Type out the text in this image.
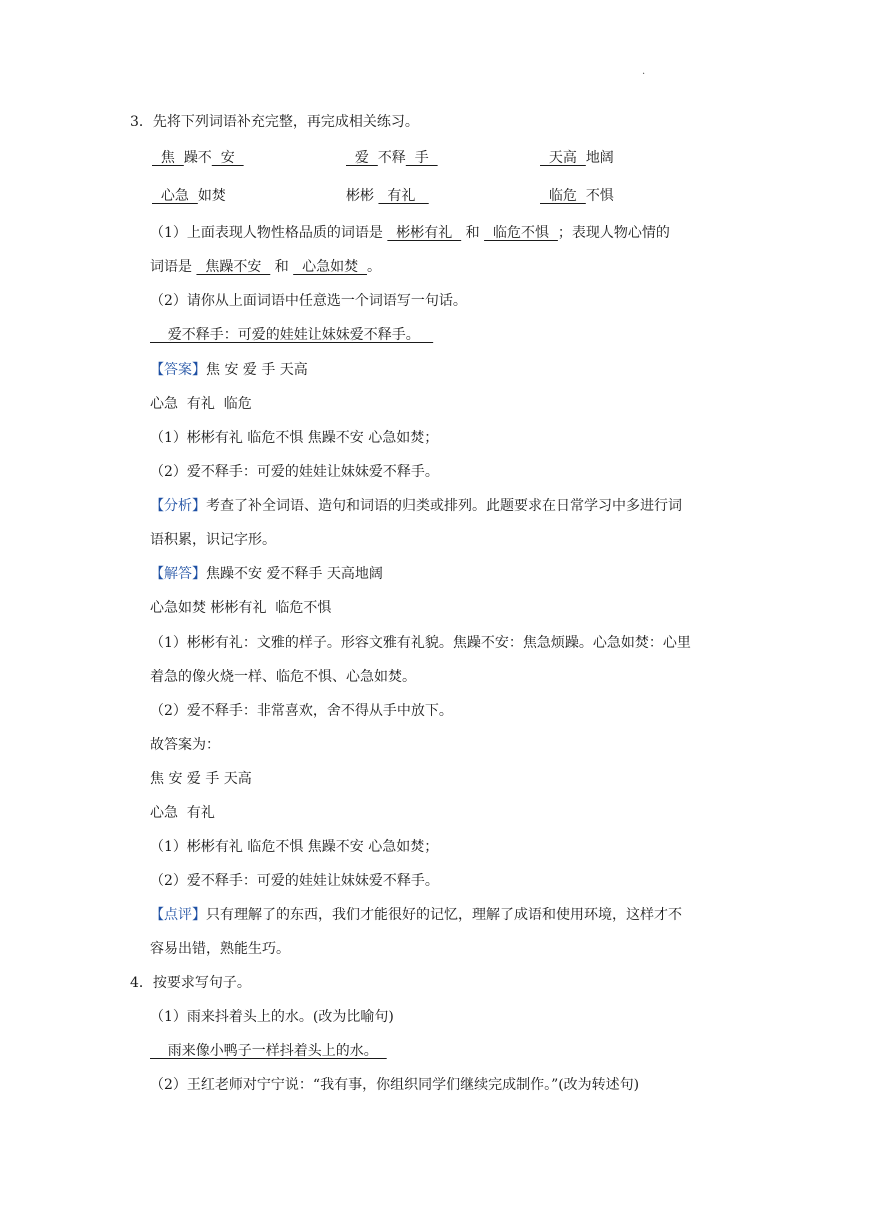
.
3．先将下列词语补充完整，再完成相关练习。
焦  躁不  安	爱  不释  手	天高  地阔
心急  如焚	彬彬   有礼	临危  不惧
（1）上面表现人物性格品质的词语是   彬彬有礼   和   临危不惧  ；表现人物心情的
词语是   焦躁不安   和   心急如焚  。
（2）请你从上面词语中任意选一个词语写一句话。
爱不释手：可爱的娃娃让妹妹爱不释手。
【答案】焦 安 爱 手 天高
心急  有礼  临危
（1）彬彬有礼 临危不惧 焦躁不安 心急如焚；
（2）爱不释手：可爱的娃娃让妹妹爱不释手。
【分析】考查了补全词语、造句和词语的归类或排列。此题要求在日常学习中多进行词
语积累，识记字形。
【解答】焦躁不安 爱不释手 天高地阔
心急如焚 彬彬有礼  临危不惧
（1）彬彬有礼：文雅的样子。形容文雅有礼貌。焦躁不安：焦急烦躁。心急如焚：心里
着急的像火烧一样、临危不惧、心急如焚。
（2）爱不释手：非常喜欢，舍不得从手中放下。
故答案为：
焦 安 爱 手 天高
心急  有礼
（1）彬彬有礼 临危不惧 焦躁不安 心急如焚；
（2）爱不释手：可爱的娃娃让妹妹爱不释手。
【点评】只有理解了的东西，我们才能很好的记忆，理解了成语和使用环境，这样才不
容易出错，熟能生巧。
4．按要求写句子。
（1）雨来抖着头上的水。(改为比喻句)
雨来像小鸭子一样抖着头上的水。
（2）王红老师对宁宁说：“我有事，你组织同学们继续完成制作。”(改为转述句)
